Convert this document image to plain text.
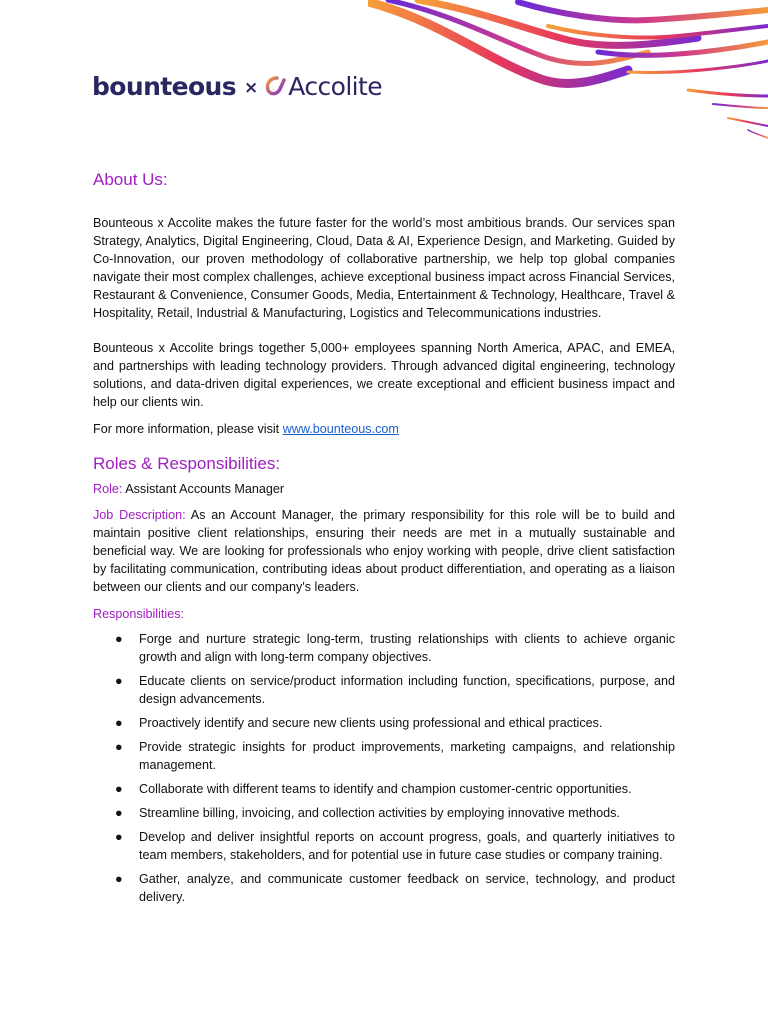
bounteous × Accolite
About Us:

Bounteous x Accolite makes the future faster for the world’s most ambitious brands. Our services span Strategy, Analytics, Digital Engineering, Cloud, Data & AI, Experience Design, and Marketing. Guided by Co-Innovation, our proven methodology of collaborative partnership, we help top global companies navigate their most complex challenges, achieve exceptional business impact across Financial Services, Restaurant & Convenience, Consumer Goods, Media, Entertainment & Technology, Healthcare, Travel & Hospitality, Retail, Industrial & Manufacturing, Logistics and Telecommunications industries.

Bounteous x Accolite brings together 5,000+ employees spanning North America, APAC, and EMEA, and partnerships with leading technology providers. Through advanced digital engineering, technology solutions, and data-driven digital experiences, we create exceptional and efficient business impact and help our clients win.

For more information, please visit www.bounteous.com

Roles & Responsibilities:

Role: Assistant Accounts Manager

Job Description: As an Account Manager, the primary responsibility for this role will be to build and maintain positive client relationships, ensuring their needs are met in a mutually sustainable and beneficial way. We are looking for professionals who enjoy working with people, drive client satisfaction by facilitating communication, contributing ideas about product differentiation, and operating as a liaison between our clients and our company's leaders.

Responsibilities:

● Forge and nurture strategic long-term, trusting relationships with clients to achieve organic growth and align with long-term company objectives.
● Educate clients on service/product information including function, specifications, purpose, and design advancements.
● Proactively identify and secure new clients using professional and ethical practices.
● Provide strategic insights for product improvements, marketing campaigns, and relationship management.
● Collaborate with different teams to identify and champion customer-centric opportunities.
● Streamline billing, invoicing, and collection activities by employing innovative methods.
● Develop and deliver insightful reports on account progress, goals, and quarterly initiatives to team members, stakeholders, and for potential use in future case studies or company training.
● Gather, analyze, and communicate customer feedback on service, technology, and product delivery.
